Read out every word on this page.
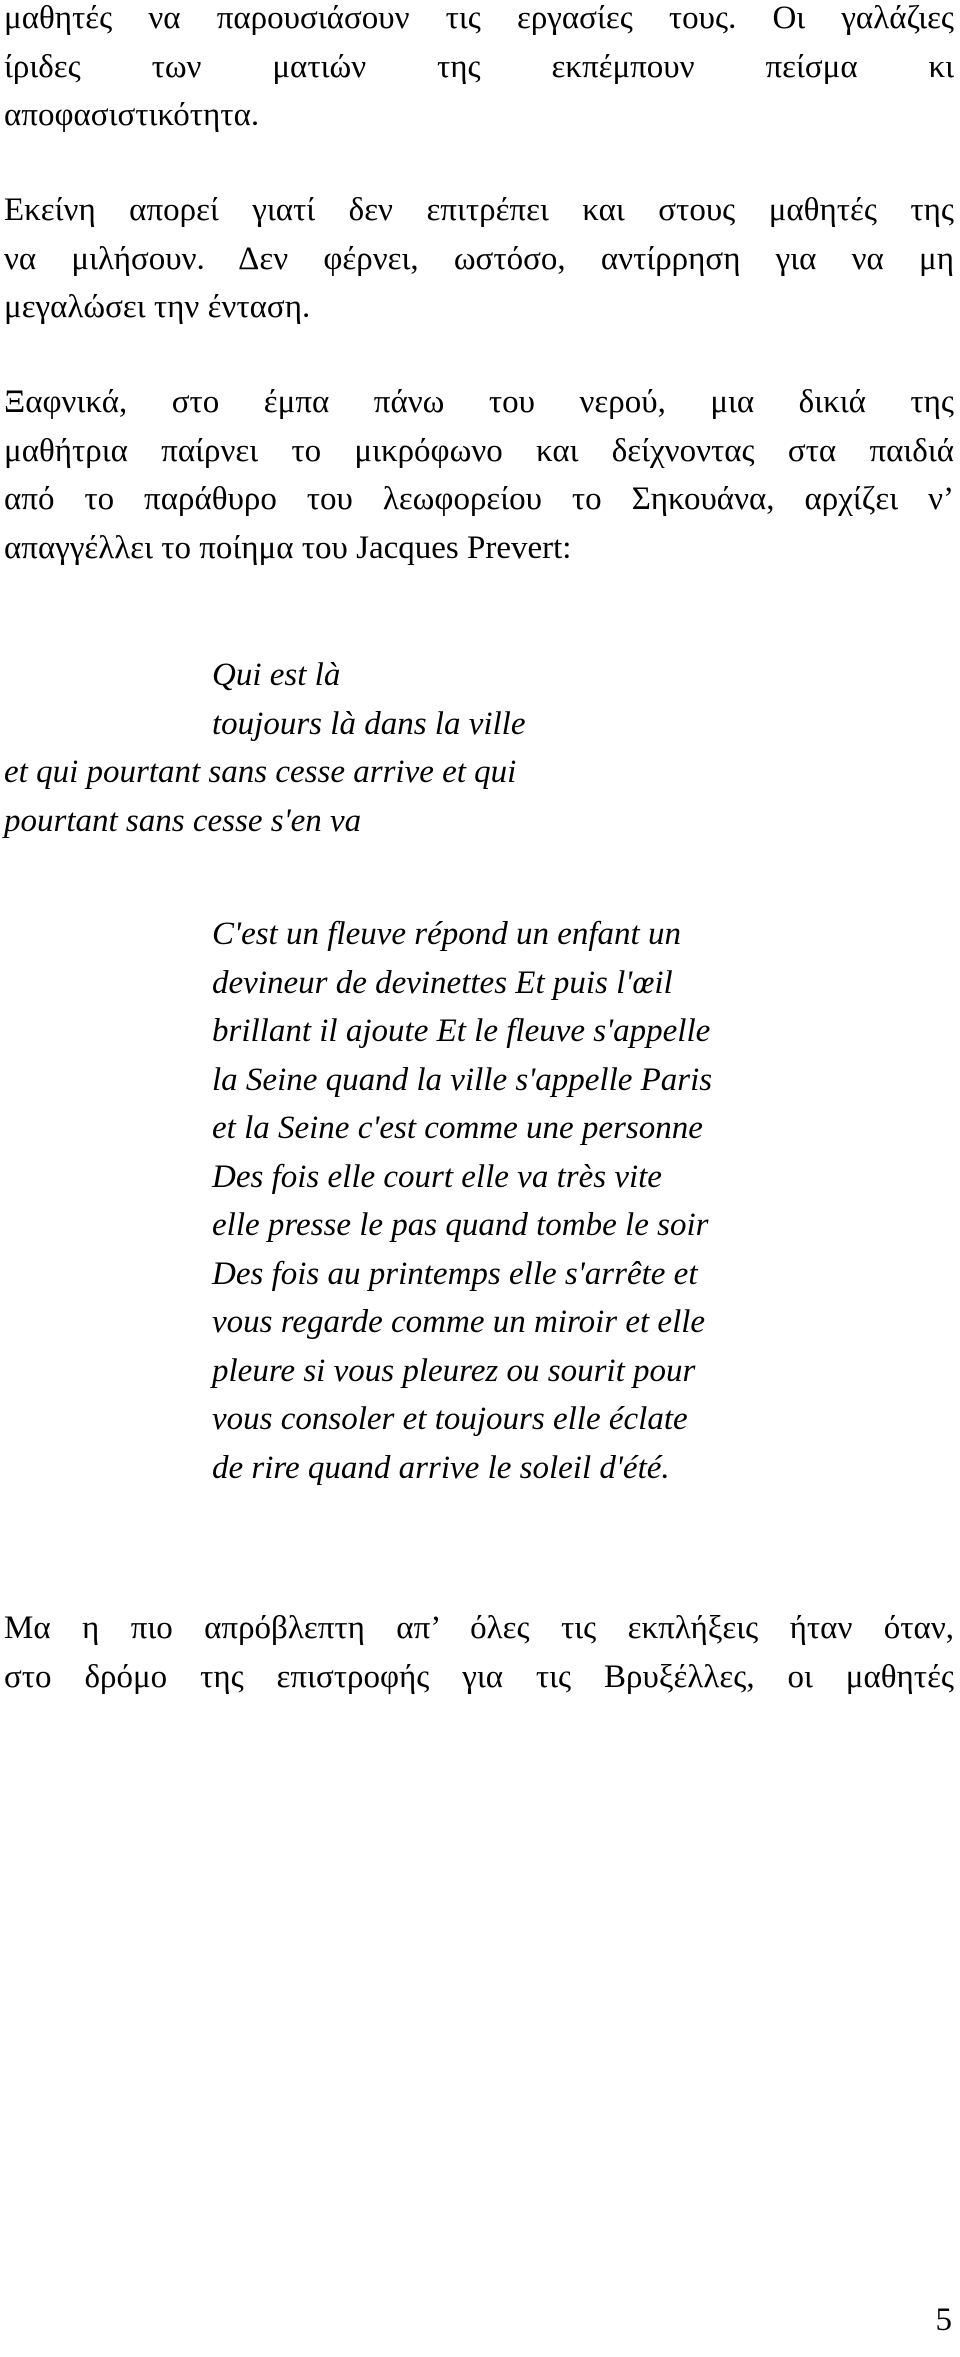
μαθητές να παρουσιάσουν τις εργασίες τους. Οι γαλάζιες
ίριδες των ματιών της εκπέμπουν πείσμα κι
αποφασιστικότητα.
Εκείνη απορεί γιατί δεν επιτρέπει και στους μαθητές της
να μιλήσουν. Δεν φέρνει, ωστόσο, αντίρρηση για να μη
μεγαλώσει την ένταση.
Ξαφνικά, στο έμπα πάνω του νερού, μια δικιά της
μαθήτρια παίρνει το μικρόφωνο και δείχνοντας στα παιδιά
από το παράθυρο του λεωφορείου το Σηκουάνα, αρχίζει ν’
απαγγέλλει το ποίημα του Jacques Prevert:
Qui est là
toujours là dans la ville
et qui pourtant sans cesse arrive et qui
pourtant sans cesse s'en va
C'est un fleuve répond un enfant un
devineur de devinettes Et puis l'œil
brillant il ajoute Et le fleuve s'appelle
la Seine quand la ville s'appelle Paris
et la Seine c'est comme une personne
Des fois elle court elle va très vite
elle presse le pas quand tombe le soir
Des fois au printemps elle s'arrête et
vous regarde comme un miroir et elle
pleure si vous pleurez ou sourit pour
vous consoler et toujours elle éclate
de rire quand arrive le soleil d'été.
Μα η πιο απρόβλεπτη απ’ όλες τις εκπλήξεις ήταν όταν,
στο δρόμο της επιστροφής για τις Βρυξέλλες, οι μαθητές
5
